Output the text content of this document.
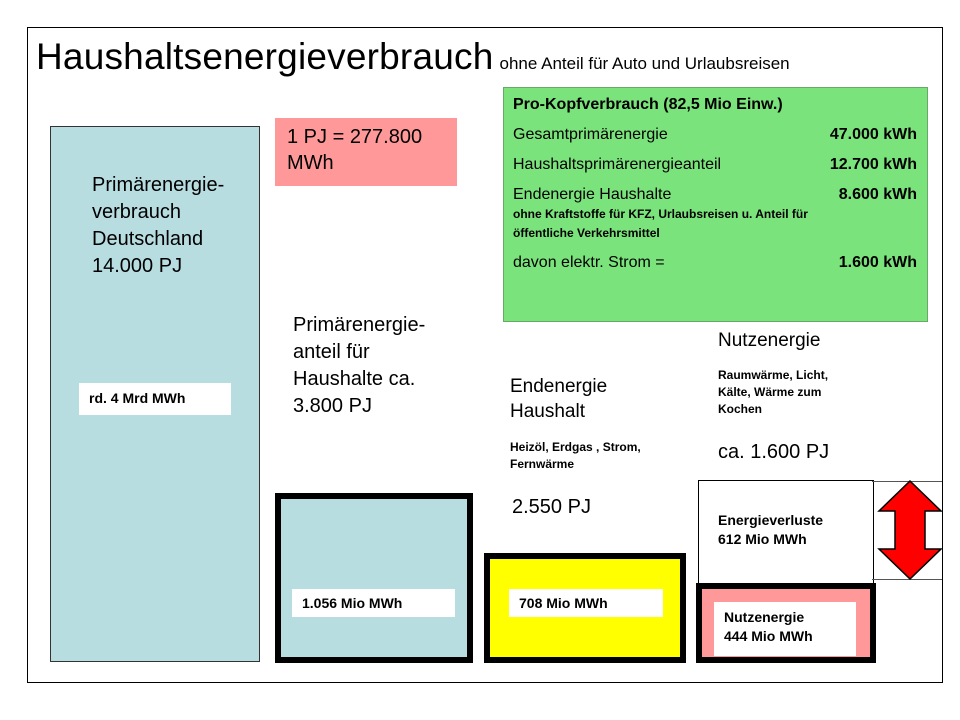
Haushaltsenergieverbrauch ohne Anteil für Auto und Urlaubsreisen
Primärenergie-
verbrauch
Deutschland
14.000 PJ
rd. 4 Mrd MWh
1 PJ = 277.800 MWh
Pro-Kopfverbrauch (82,5 Mio Einw.)
Gesamtprimärenergie	47.000 kWh
Haushaltsprimärenergieanteil	12.700 kWh
Endenergie Haushalte	8.600 kWh
ohne Kraftstoffe für KFZ, Urlaubsreisen u. Anteil für
öffentliche Verkehrsmittel
davon elektr. Strom =	1.600 kWh
Primärenergie-
anteil für
Haushalte ca.
3.800 PJ
1.056 Mio MWh
Endenergie
Haushalt
Heizöl, Erdgas , Strom,
Fernwärme
2.550 PJ
708 Mio MWh
Nutzenergie
Raumwärme, Licht,
Kälte, Wärme zum
Kochen
ca. 1.600 PJ
Energieverluste
612 Mio MWh
Nutzenergie
444 Mio MWh
